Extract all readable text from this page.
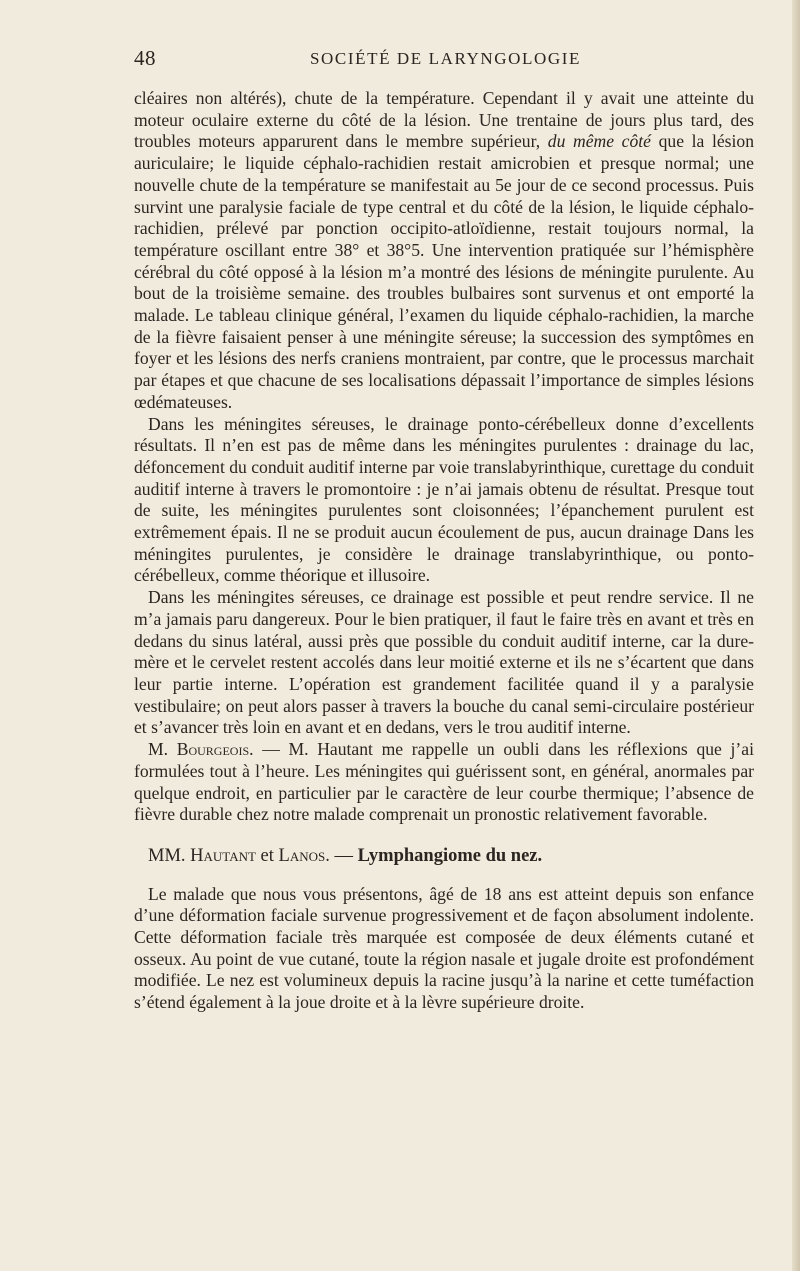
48	SOCIÉTÉ DE LARYNGOLOGIE

cléaires non altérés), chute de la température. Cependant il y avait une atteinte du moteur oculaire externe du côté de la lésion. Une trentaine de jours plus tard, des troubles moteurs apparurent dans le membre supérieur, du même côté que la lésion auriculaire; le liquide céphalo-rachidien restait amicrobien et presque normal; une nouvelle chute de la température se manifestait au 5e jour de ce second processus. Puis survint une paralysie faciale de type central et du côté de la lésion, le liquide céphalo-rachidien, prélevé par ponction occipito-atloïdienne, restait toujours normal, la température oscillant entre 38° et 38°5. Une intervention pratiquée sur l’hémisphère cérébral du côté opposé à la lésion m’a montré des lésions de méningite purulente. Au bout de la troisième semaine. des troubles bulbaires sont survenus et ont emporté la malade. Le tableau clinique général, l’examen du liquide céphalo-rachidien, la marche de la fièvre faisaient penser à une méningite séreuse; la succession des symptômes en foyer et les lésions des nerfs craniens montraient, par contre, que le processus marchait par étapes et que chacune de ses localisations dépassait l’importance de simples lésions œdémateuses.

Dans les méningites séreuses, le drainage ponto-cérébelleux donne d’excellents résultats. Il n’en est pas de même dans les méningites purulentes : drainage du lac, défoncement du conduit auditif interne par voie translabyrinthique, curettage du conduit auditif interne à travers le promontoire : je n’ai jamais obtenu de résultat. Presque tout de suite, les méningites purulentes sont cloisonnées; l’épanchement purulent est extrêmement épais. Il ne se produit aucun écoulement de pus, aucun drainage Dans les méningites purulentes, je considère le drainage translabyrinthique, ou ponto-cérébelleux, comme théorique et illusoire.

Dans les méningites séreuses, ce drainage est possible et peut rendre service. Il ne m’a jamais paru dangereux. Pour le bien pratiquer, il faut le faire très en avant et très en dedans du sinus latéral, aussi près que possible du conduit auditif interne, car la dure-mère et le cervelet restent accolés dans leur moitié externe et ils ne s’écartent que dans leur partie interne. L’opération est grandement facilitée quand il y a paralysie vestibulaire; on peut alors passer à travers la bouche du canal semi-circulaire postérieur et s’avancer très loin en avant et en dedans, vers le trou auditif interne.

M. Bourgeois. — M. Hautant me rappelle un oubli dans les réflexions que j’ai formulées tout à l’heure. Les méningites qui guérissent sont, en général, anormales par quelque endroit, en particulier par le caractère de leur courbe thermique; l’absence de fièvre durable chez notre malade comprenait un pronostic relativement favorable.

MM. Hautant et Lanos. — Lymphangiome du nez.

Le malade que nous vous présentons, âgé de 18 ans est atteint depuis son enfance d’une déformation faciale survenue progressivement et de façon absolument indolente. Cette déformation faciale très marquée est composée de deux éléments cutané et osseux. Au point de vue cutané, toute la région nasale et jugale droite est profondément modifiée. Le nez est volumineux depuis la racine jusqu’à la narine et cette tuméfaction s’étend également à la joue droite et à la lèvre supérieure droite.
